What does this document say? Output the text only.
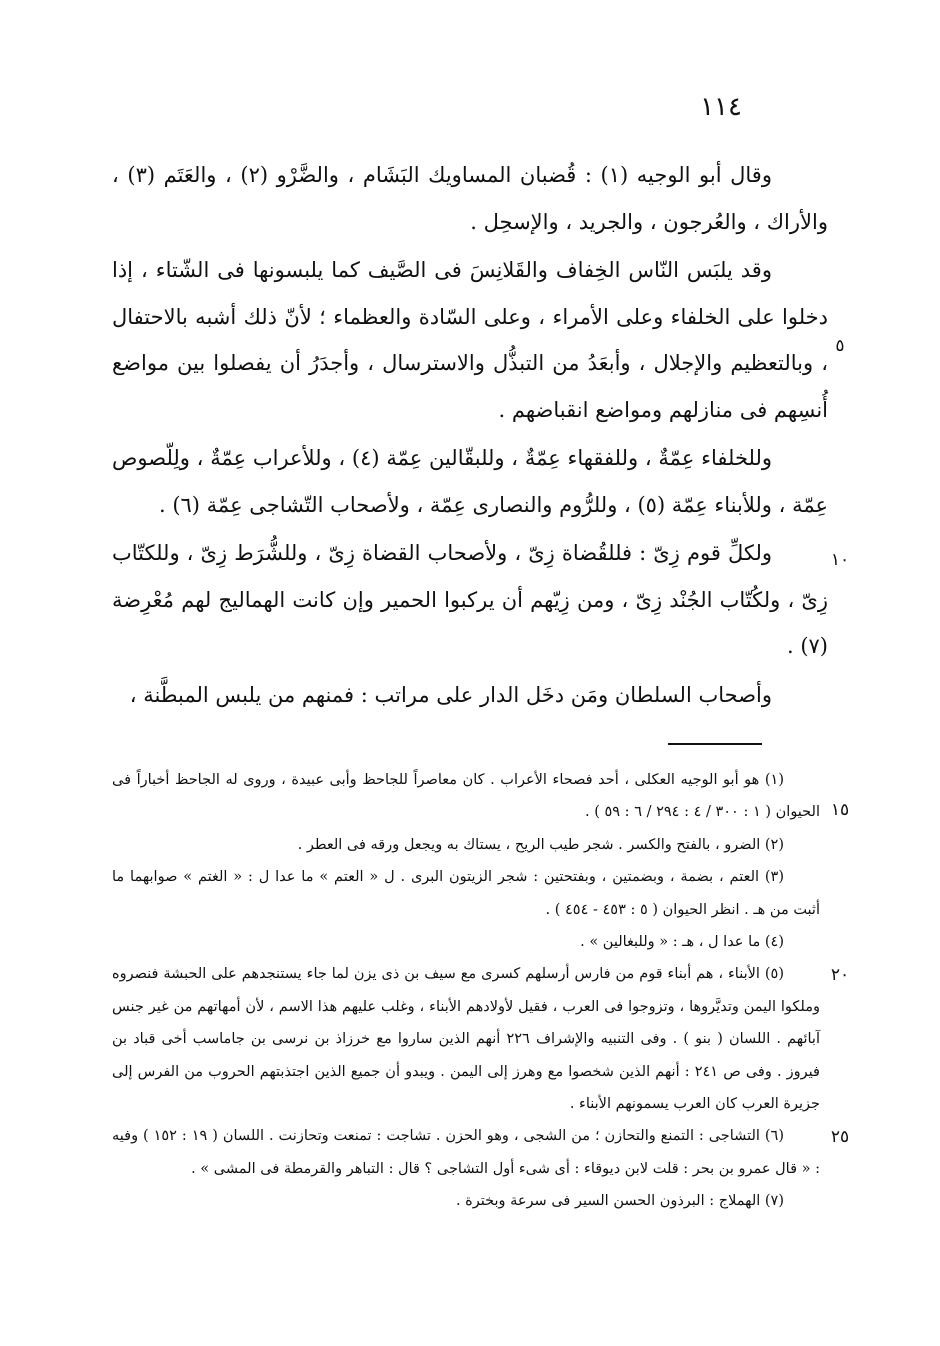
١١٤

وقال أبو الوجيه (١) : قُضبان المساويك البَشَام ، والضَّرْو (٢) ، والعَتَم (٣) ، والأراك ، والعُرجون ، والجريد ، والإسحِل .

وقد يلبَس النّاس الخِفاف والقَلانِسَ فى الصَّيف كما يلبسونها فى الشّتاء ، إذا دخلوا على الخلفاء وعلى الأمراء ، وعلى السّادة والعظماء ؛ لأنّ ذلك أشبه بالاحتفال ، وبالتعظيم والإجلال ، وأبعَدُ من التبذُّل والاسترسال ، وأجدَرُ أن يفصلوا بين مواضع أُنسِهم فى منازلهم ومواضع انقباضهم .

وللخلفاء عِمّةٌ ، وللفقهاء عِمّةٌ ، وللبقّالين عِمّة (٤) ، وللأعراب عِمّةٌ ، ولِلّصوص عِمّة ، وللأبناء عِمّة (٥) ، وللرُّوم والنصارى عِمّة ، ولأصحاب التّشاجى عِمّة (٦) .

ولكلِّ قوم زِىّ : فللقُضاة زِىّ ، ولأصحاب القضاة زِىّ ، وللشُّرَط زِىّ ، وللكتّاب زِىّ ، ولكُتّاب الجُنْد زِىّ ، ومن زِيّهم أن يركبوا الحمير وإن كانت الهماليج لهم مُعْرِضة (٧) .

وأصحاب السلطان ومَن دخَل الدار على مراتب : فمنهم من يلبس المبطَّنة ،

٥
١٠
١٥
٢٠
٢٥

(١) هو أبو الوجيه العكلى ، أحد فصحاء الأعراب . كان معاصراً للجاحظ وأبى عبيدة ، وروى له الجاحظ أخباراً فى الحيوان ( ١ : ٣٠٠ / ٤ : ٢٩٤ / ٦ : ٥٩ ) .

(٢) الضرو ، بالفتح والكسر . شجر طيب الريح ، يستاك به ويجعل ورقه فى العطر .

(٣) العتم ، بضمة ، وبضمتين ، وبفتحتين : شجر الزيتون البرى . ل « العتم » ما عدا ل : « الغتم » صوابهما ما أثبت من هـ . انظر الحيوان ( ٥ : ٤٥٣ - ٤٥٤ ) .

(٤) ما عدا ل ، هـ : « وللبغالين » .

(٥) الأبناء ، هم أبناء قوم من فارس أرسلهم كسرى مع سيف بن ذى يزن لما جاء يستنجدهم على الحبشة فنصروه وملكوا اليمن وتديَّروها ، وتزوجوا فى العرب ، فقيل لأولادهم الأبناء ، وغلب عليهم هذا الاسم ، لأن أمهاتهم من غير جنس آبائهم . اللسان ( بنو ) . وفى التنبيه والإشراف ٢٢٦ أنهم الذين ساروا مع خرزاذ بن نرسى بن جاماسب أخى قباد بن فيروز . وفى ص ٢٤١ : أنهم الذين شخصوا مع وهرز إلى اليمن . ويبدو أن جميع الذين اجتذبتهم الحروب من الفرس إلى جزيرة العرب كان العرب يسمونهم الأبناء .

(٦) التشاجى : التمنع والتحازن ؛ من الشجى ، وهو الحزن . تشاجت : تمنعت وتحازنت . اللسان ( ١٩ : ١٥٢ ) وفيه : « قال عمرو بن بحر : قلت لابن ديوقاء : أى شىء أول التشاجى ؟ قال : التباهر والقرمطة فى المشى » .

(٧) الهملاج : البرذون الحسن السير فى سرعة وبخترة .
